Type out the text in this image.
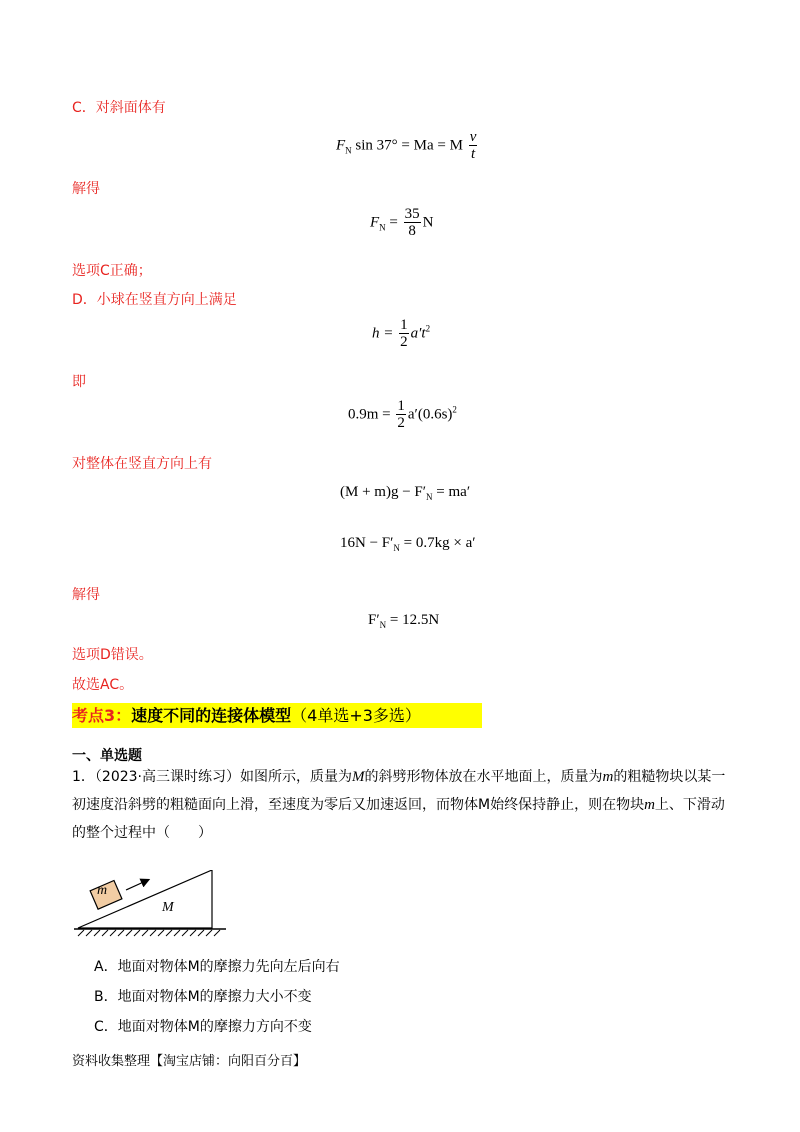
C．对斜面体有
$F_N$ sin 37° = Ma = M $\frac{v}{t}$
解得
$F_N = \frac{35}{8}$ N
选项C正确；
D．小球在竖直方向上满足
$h = \frac{1}{2} a't^2$
即
$0.9m = \frac{1}{2} a'(0.6s)^2$
对整体在竖直方向上有
$(M + m)g - F'_N = ma'$
$16N - F'_N = 0.7kg \times a'$
解得
$F'_N = 12.5N$
选项D错误。
故选AC。
考点3：速度不同的连接体模型（4单选+3多选）
一、单选题
1．（2023·高三课时练习）如图所示，质量为M的斜劈形物体放在水平地面上，质量为m的粗糙物块以某一初速度沿斜劈的粗糙面向上滑，至速度为零后又加速返回，而物体M始终保持静止，则在物块m上、下滑动的整个过程中（　　）
m
M
A．地面对物体M的摩擦力先向左后向右
B．地面对物体M的摩擦力大小不变
C．地面对物体M的摩擦力方向不变
资料收集整理【淘宝店铺：向阳百分百】
